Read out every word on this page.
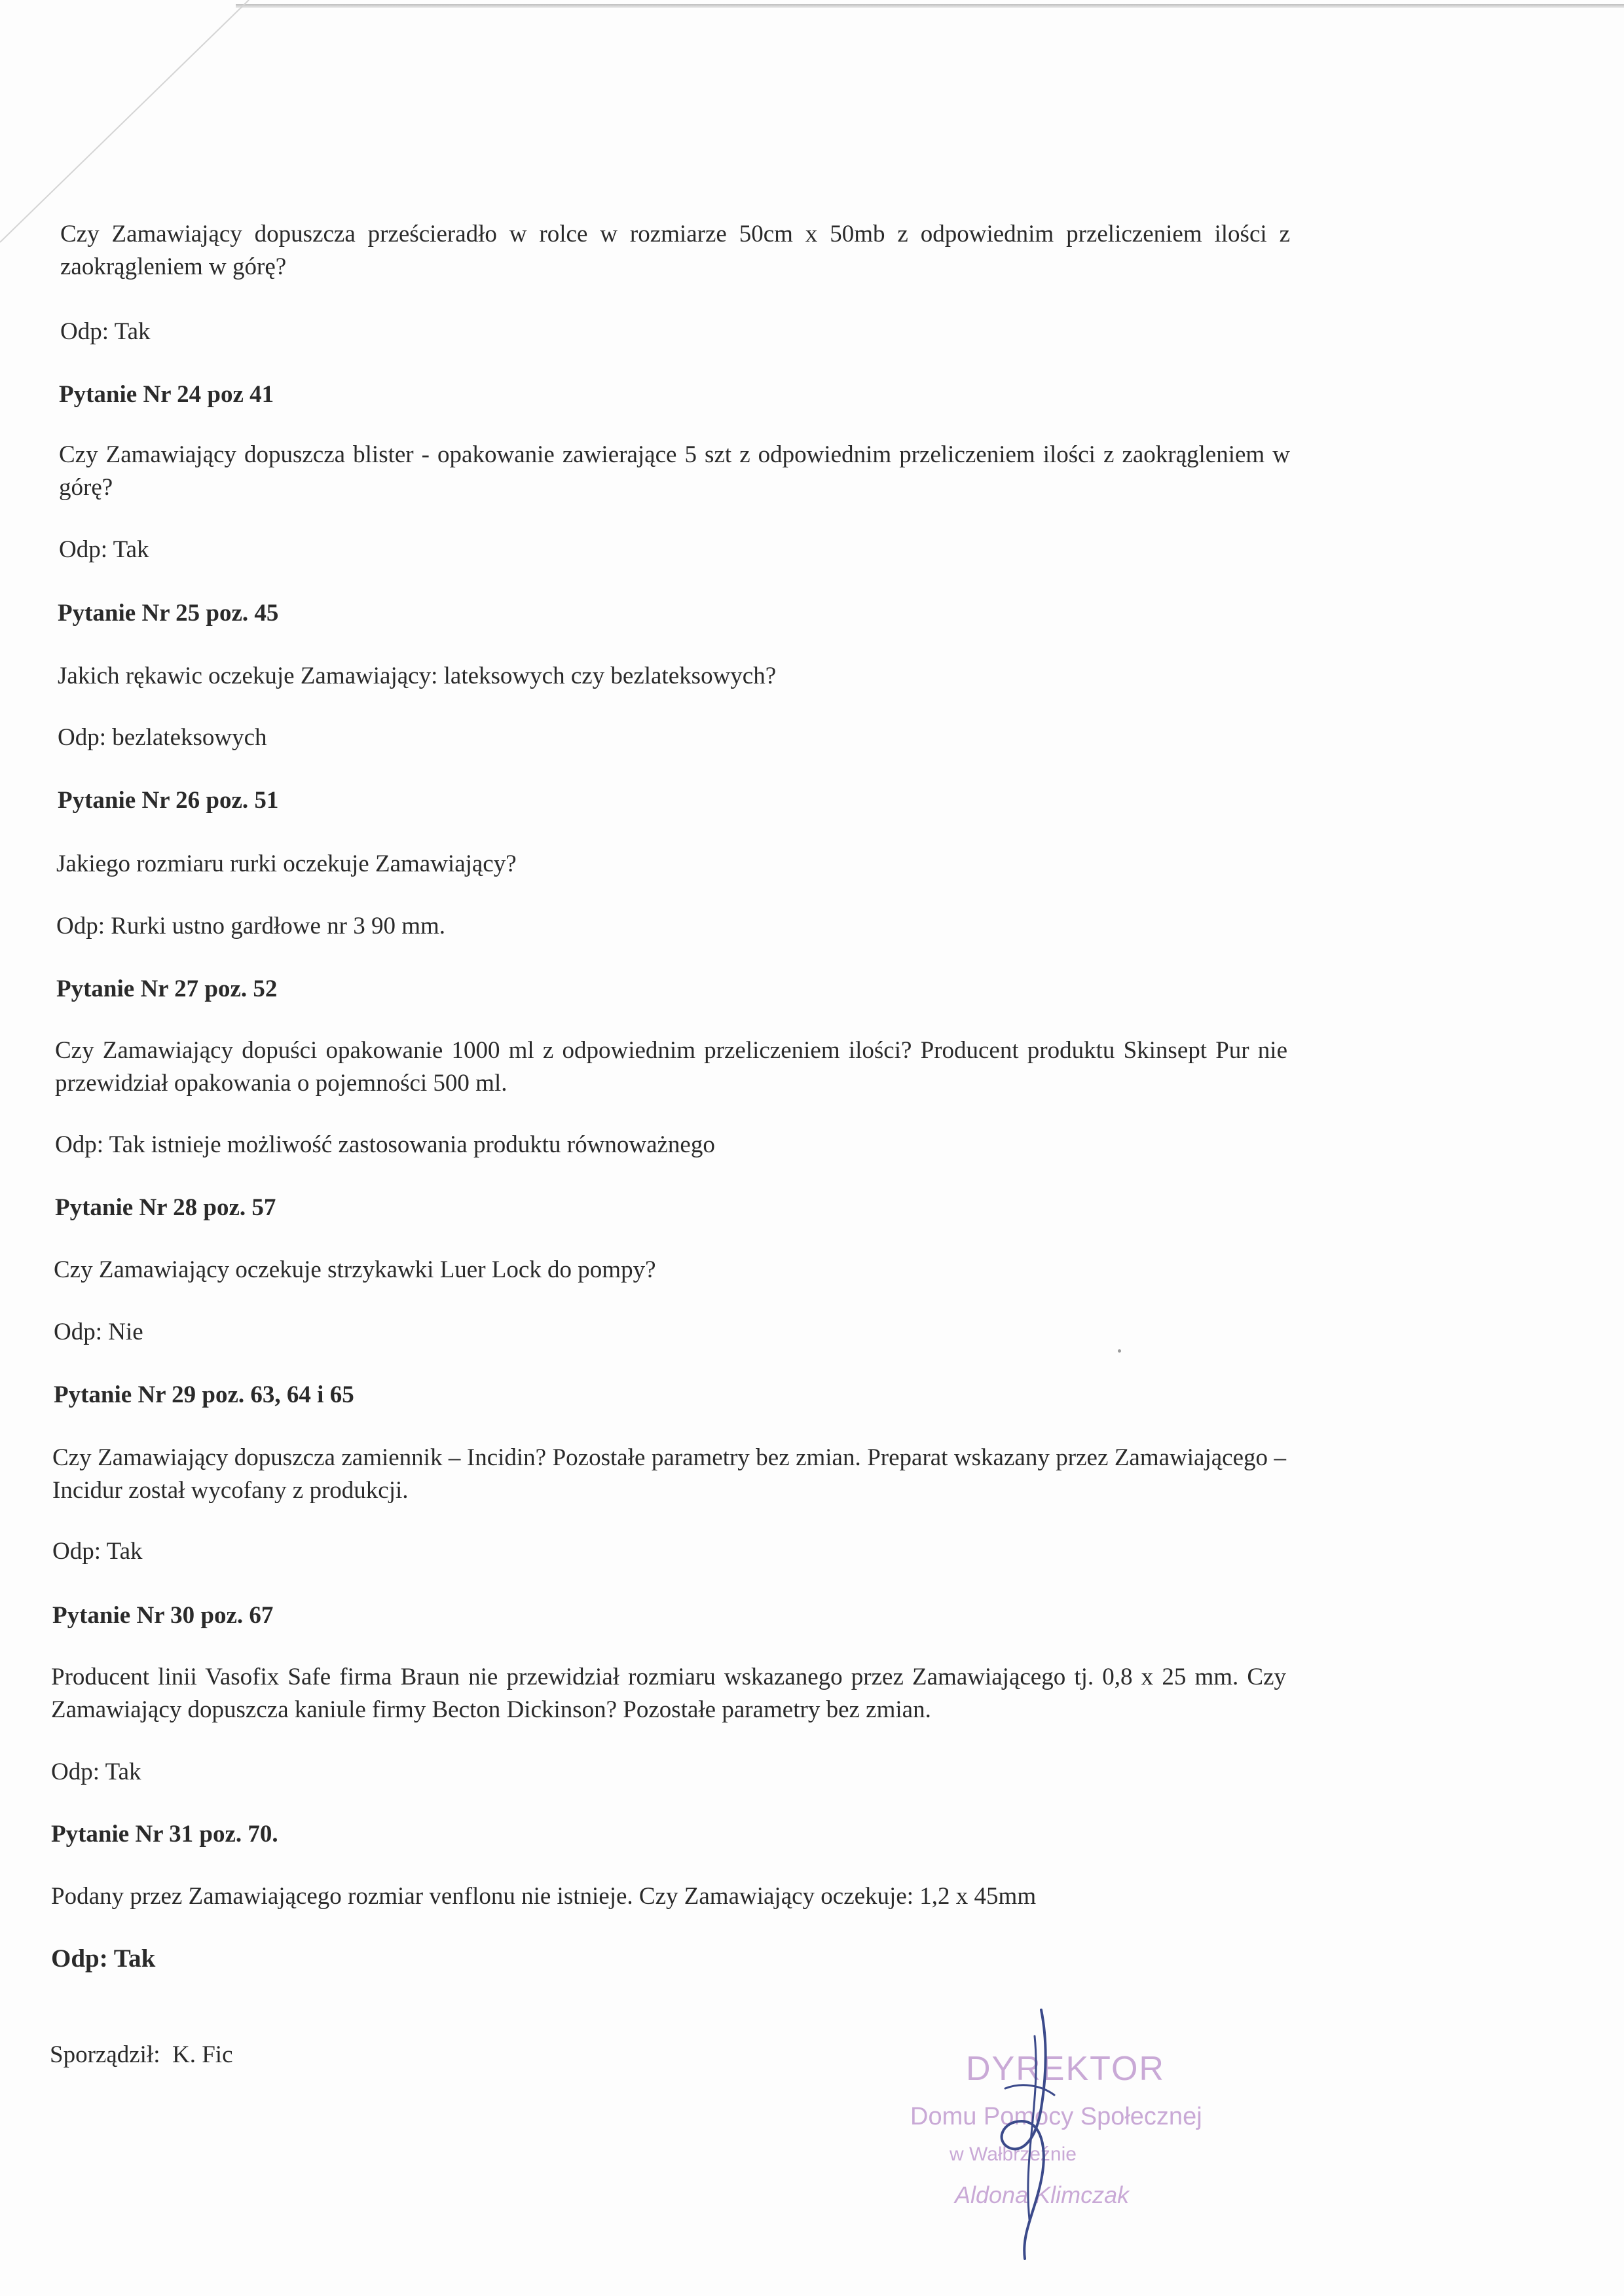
Czy Zamawiający dopuszcza prześcieradło w rolce w rozmiarze 50cm x 50mb z odpowiednim przeliczeniem ilości z zaokrągleniem w górę?

Odp: Tak

Pytanie Nr 24 poz 41

Czy Zamawiający dopuszcza blister - opakowanie zawierające 5 szt z odpowiednim przeliczeniem ilości z zaokrągleniem w górę?

Odp: Tak

Pytanie Nr 25 poz. 45

Jakich rękawic oczekuje Zamawiający: lateksowych czy bezlateksowych?

Odp: bezlateksowych

Pytanie Nr 26 poz. 51

Jakiego rozmiaru rurki oczekuje Zamawiający?

Odp: Rurki ustno gardłowe nr 3 90 mm.

Pytanie Nr 27 poz. 52

Czy Zamawiający dopuści opakowanie 1000 ml z odpowiednim przeliczeniem ilości? Producent produktu Skinsept Pur nie przewidział opakowania o pojemności 500 ml.

Odp: Tak istnieje możliwość zastosowania produktu równoważnego

Pytanie Nr 28 poz. 57

Czy Zamawiający oczekuje strzykawki Luer Lock do pompy?

Odp: Nie

Pytanie Nr 29 poz. 63, 64 i 65

Czy Zamawiający dopuszcza zamiennik – Incidin? Pozostałe parametry bez zmian. Preparat wskazany przez Zamawiającego – Incidur został wycofany z produkcji.

Odp: Tak

Pytanie Nr 30 poz. 67

Producent linii Vasofix Safe firma Braun nie przewidział rozmiaru wskazanego przez Zamawiającego tj. 0,8 x 25 mm. Czy Zamawiający dopuszcza kaniule firmy Becton Dickinson? Pozostałe parametry bez zmian.

Odp: Tak

Pytanie Nr 31 poz. 70.

Podany przez Zamawiającego rozmiar venflonu nie istnieje. Czy Zamawiający oczekuje: 1,2 x 45mm

Odp: Tak

Sporządził:  K. Fic	DYREKTOR
Domu Pomocy Społecznej
w Wałbrzeźnie
Aldona Klimczak
